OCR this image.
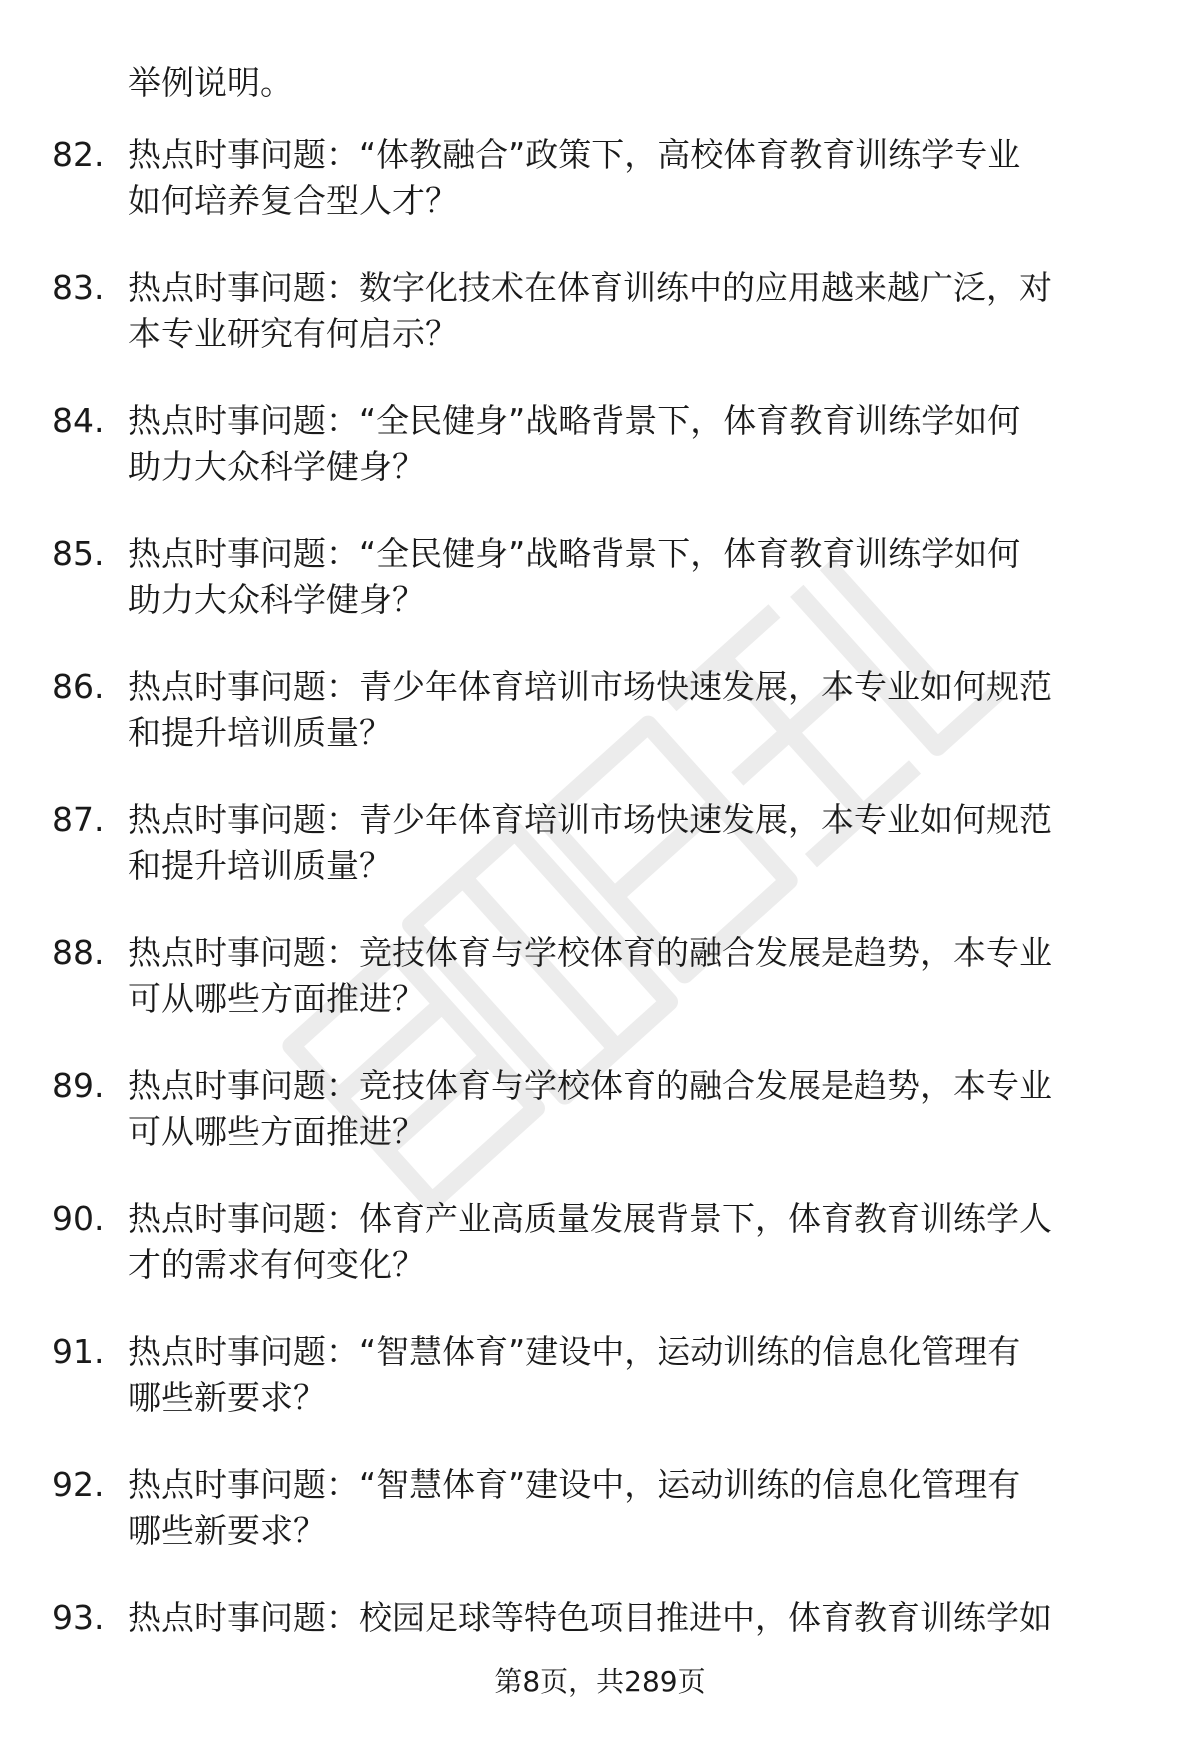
举例说明。
82. 热点时事问题：“体教融合”政策下，高校体育教育训练学专业
如何培养复合型人才？
83. 热点时事问题：数字化技术在体育训练中的应用越来越广泛，对
本专业研究有何启示？
84. 热点时事问题：“全民健身”战略背景下，体育教育训练学如何
助力大众科学健身？
85. 热点时事问题：“全民健身”战略背景下，体育教育训练学如何
助力大众科学健身？
86. 热点时事问题：青少年体育培训市场快速发展，本专业如何规范
和提升培训质量？
87. 热点时事问题：青少年体育培训市场快速发展，本专业如何规范
和提升培训质量？
88. 热点时事问题：竞技体育与学校体育的融合发展是趋势，本专业
可从哪些方面推进？
89. 热点时事问题：竞技体育与学校体育的融合发展是趋势，本专业
可从哪些方面推进？
90. 热点时事问题：体育产业高质量发展背景下，体育教育训练学人
才的需求有何变化？
91. 热点时事问题：“智慧体育”建设中，运动训练的信息化管理有
哪些新要求？
92. 热点时事问题：“智慧体育”建设中，运动训练的信息化管理有
哪些新要求？
93. 热点时事问题：校园足球等特色项目推进中，体育教育训练学如
第8页，共289页
